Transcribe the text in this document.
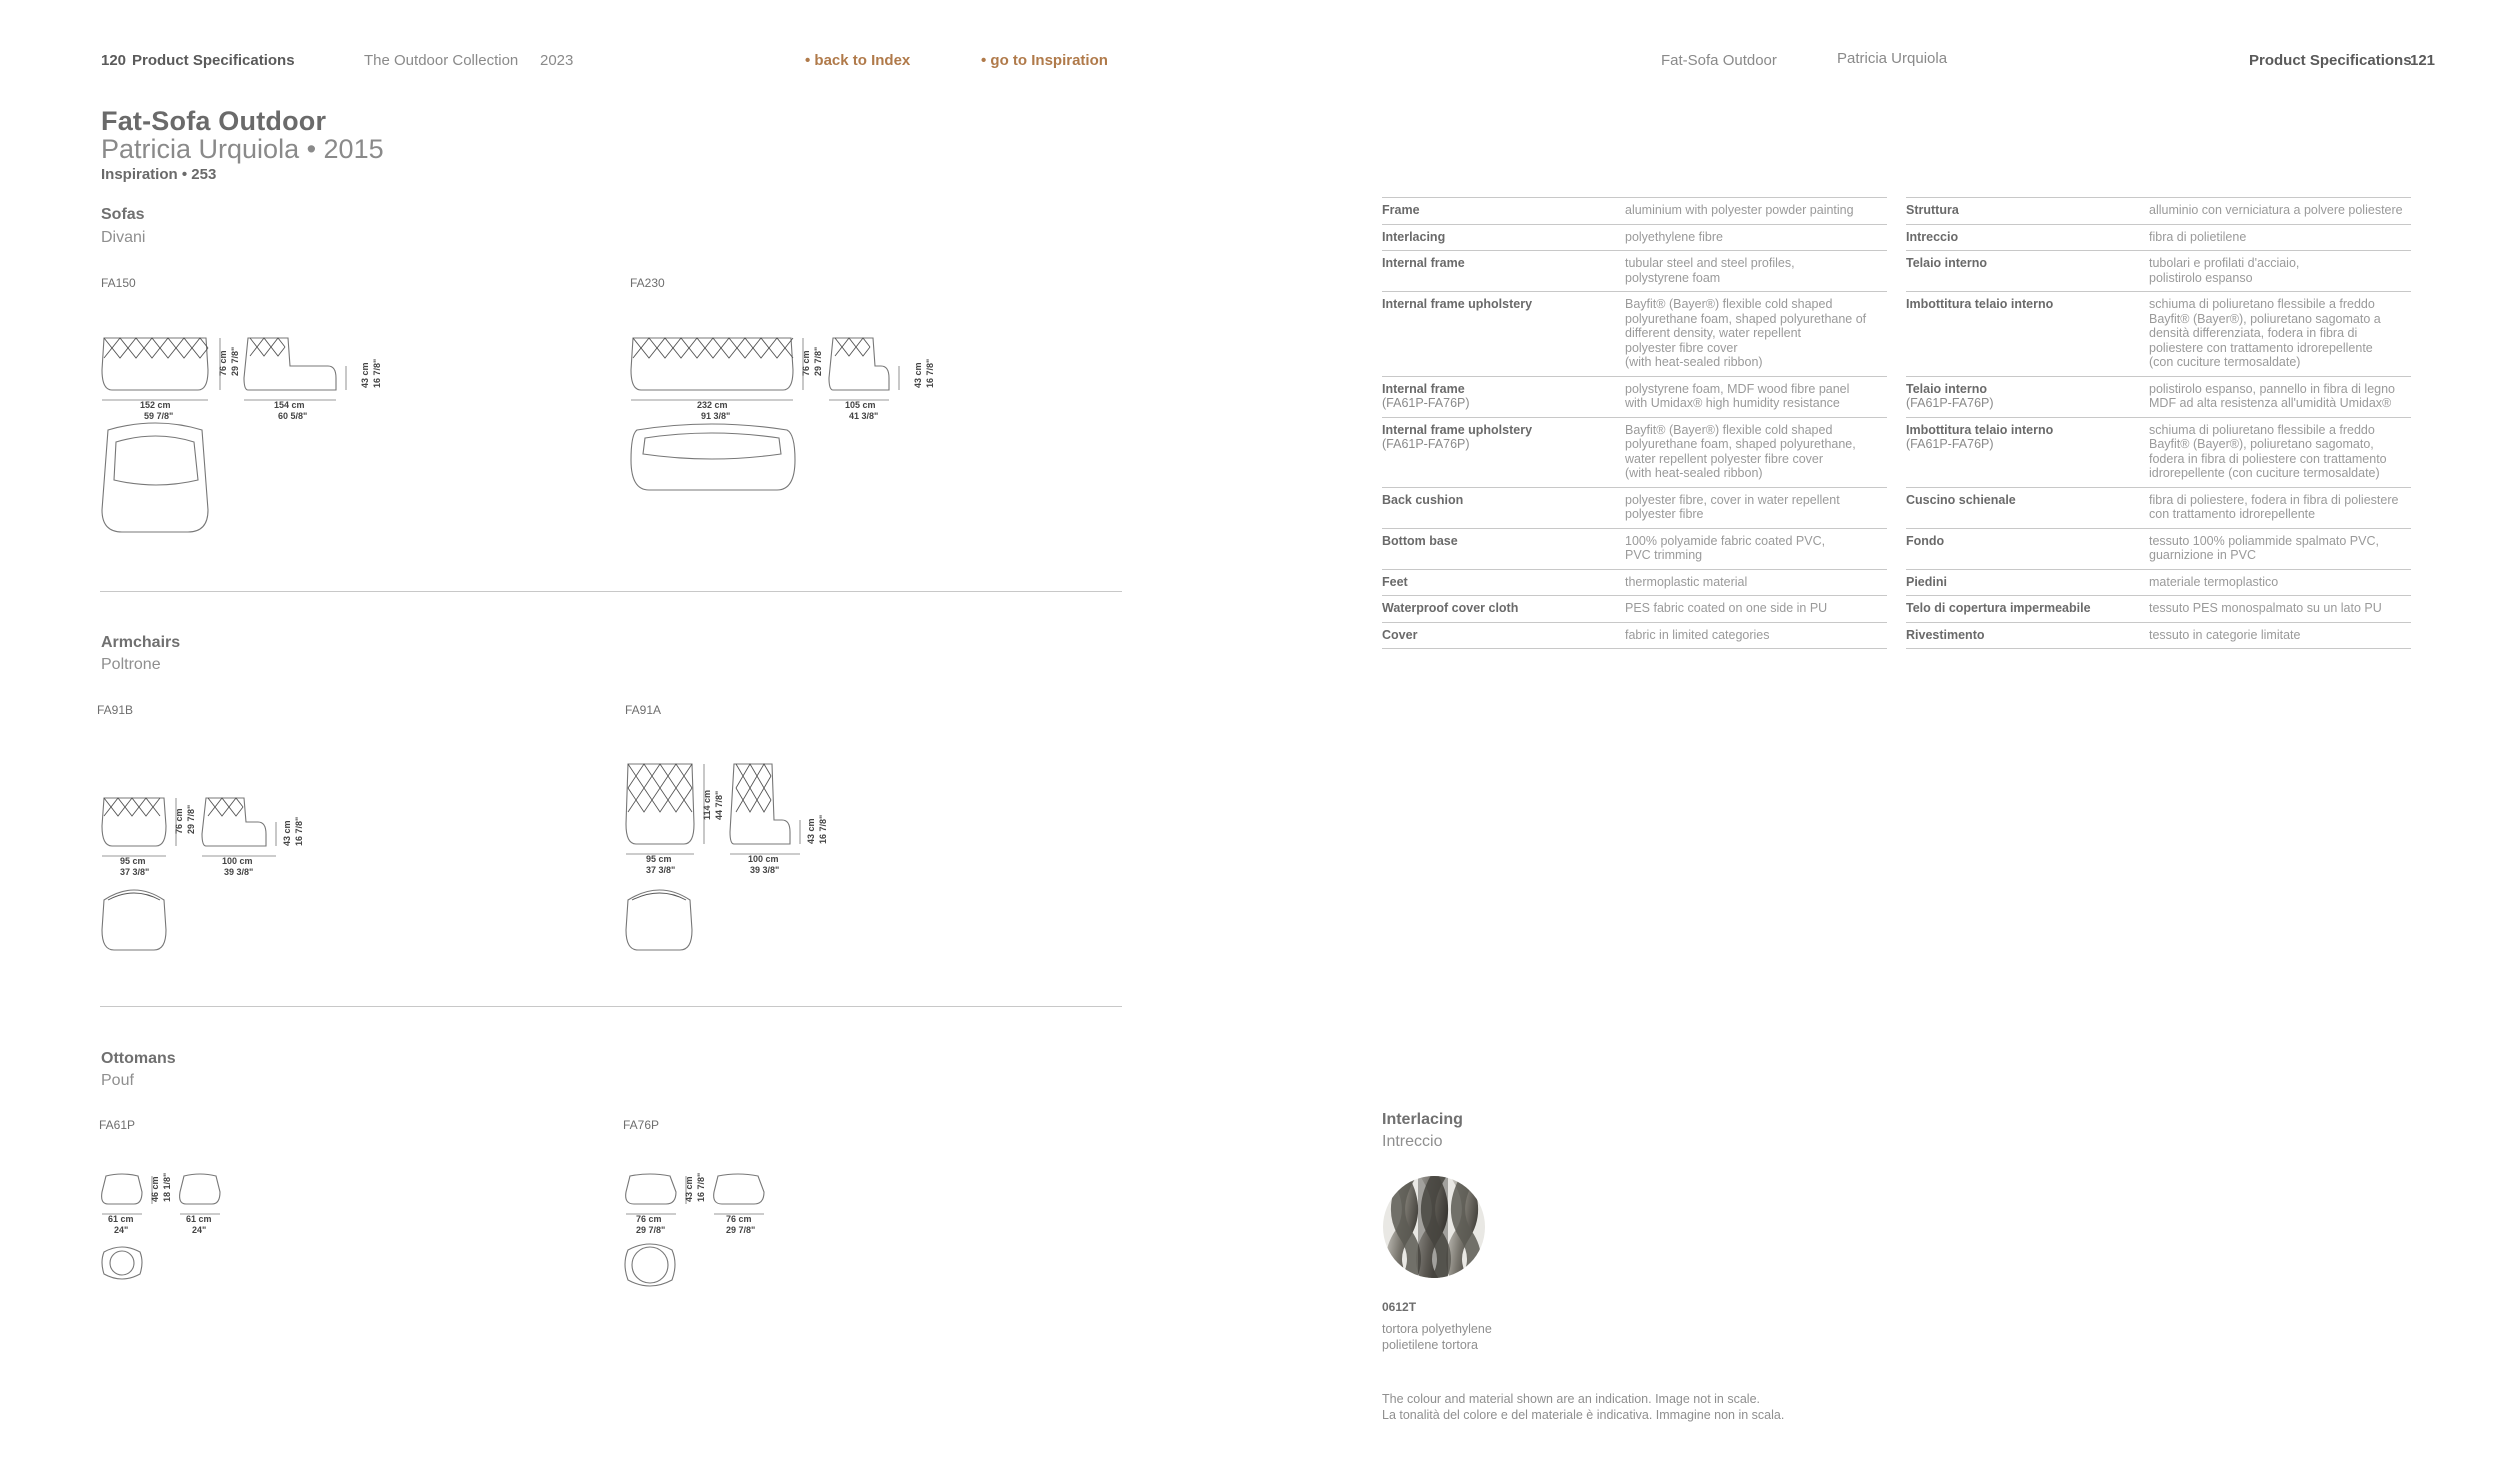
120 Product Specifications	The Outdoor Collection 2023	• back to Index	• go to Inspiration	Fat-Sofa Outdoor	Patricia Urquiola	Product Specifications
121
Fat-Sofa Outdoor
Patricia Urquiola • 2015
Inspiration • 253
Sofas
Divani
FA150	FA230
152 cm
59 7/8"
76 cm 29 7/8"
154 cm
60 5/8"
43 cm 16 7/8"
232 cm
91 3/8"
76 cm 29 7/8"
105 cm
41 3/8"
43 cm 16 7/8"
Armchairs
Poltrone
FA91B	FA91A
95 cm
37 3/8"
76 cm 29 7/8"
100 cm
39 3/8"
43 cm 16 7/8"
95 cm
37 3/8"
114 cm 44 7/8"
100 cm
39 3/8"
43 cm 16 7/8"
Ottomans
Pouf
FA61P	FA76P
61 cm
24"
46 cm 18 1/8"
61 cm
24"
76 cm
29 7/8"
43 cm 16 7/8"
76 cm
29 7/8"
Frame	aluminium with polyester powder painting
Interlacing	polyethylene fibre
Internal frame	tubular steel and steel profiles,
polystyrene foam
Internal frame upholstery	Bayfit® (Bayer®) flexible cold shaped
polyurethane foam, shaped polyurethane of
different density, water repellent
polyester fibre cover
(with heat-sealed ribbon)
Internal frame
(FA61P-FA76P)	polystyrene foam, MDF wood fibre panel
with Umidax® high humidity resistance
Internal frame upholstery
(FA61P-FA76P)	Bayfit® (Bayer®) flexible cold shaped
polyurethane foam, shaped polyurethane,
water repellent polyester fibre cover
(with heat-sealed ribbon)
Back cushion	polyester fibre, cover in water repellent
polyester fibre
Bottom base	100% polyamide fabric coated PVC,
PVC trimming
Feet	thermoplastic material
Waterproof cover cloth	PES fabric coated on one side in PU
Cover	fabric in limited categories
Struttura	alluminio con verniciatura a polvere poliestere
Intreccio	fibra di polietilene
Telaio interno	tubolari e profilati d'acciaio,
polistirolo espanso
Imbottitura telaio interno	schiuma di poliuretano flessibile a freddo
Bayfit® (Bayer®), poliuretano sagomato a
densità differenziata, fodera in fibra di
poliestere con trattamento idrorepellente
(con cuciture termosaldate)
Telaio interno
(FA61P-FA76P)	polistirolo espanso, pannello in fibra di legno
MDF ad alta resistenza all'umidità Umidax®
Imbottitura telaio interno
(FA61P-FA76P)	schiuma di poliuretano flessibile a freddo
Bayfit® (Bayer®), poliuretano sagomato,
fodera in fibra di poliestere con trattamento
idrorepellente (con cuciture termosaldate)
Cuscino schienale	fibra di poliestere, fodera in fibra di poliestere
con trattamento idrorepellente
Fondo	tessuto 100% poliammide spalmato PVC,
guarnizione in PVC
Piedini	materiale termoplastico
Telo di copertura impermeabile	tessuto PES monospalmato su un lato PU
Rivestimento	tessuto in categorie limitate
Interlacing
Intreccio
0612T
tortora polyethylene
polietilene tortora
The colour and material shown are an indication. Image not in scale.
La tonalità del colore e del materiale è indicativa. Immagine non in scala.
